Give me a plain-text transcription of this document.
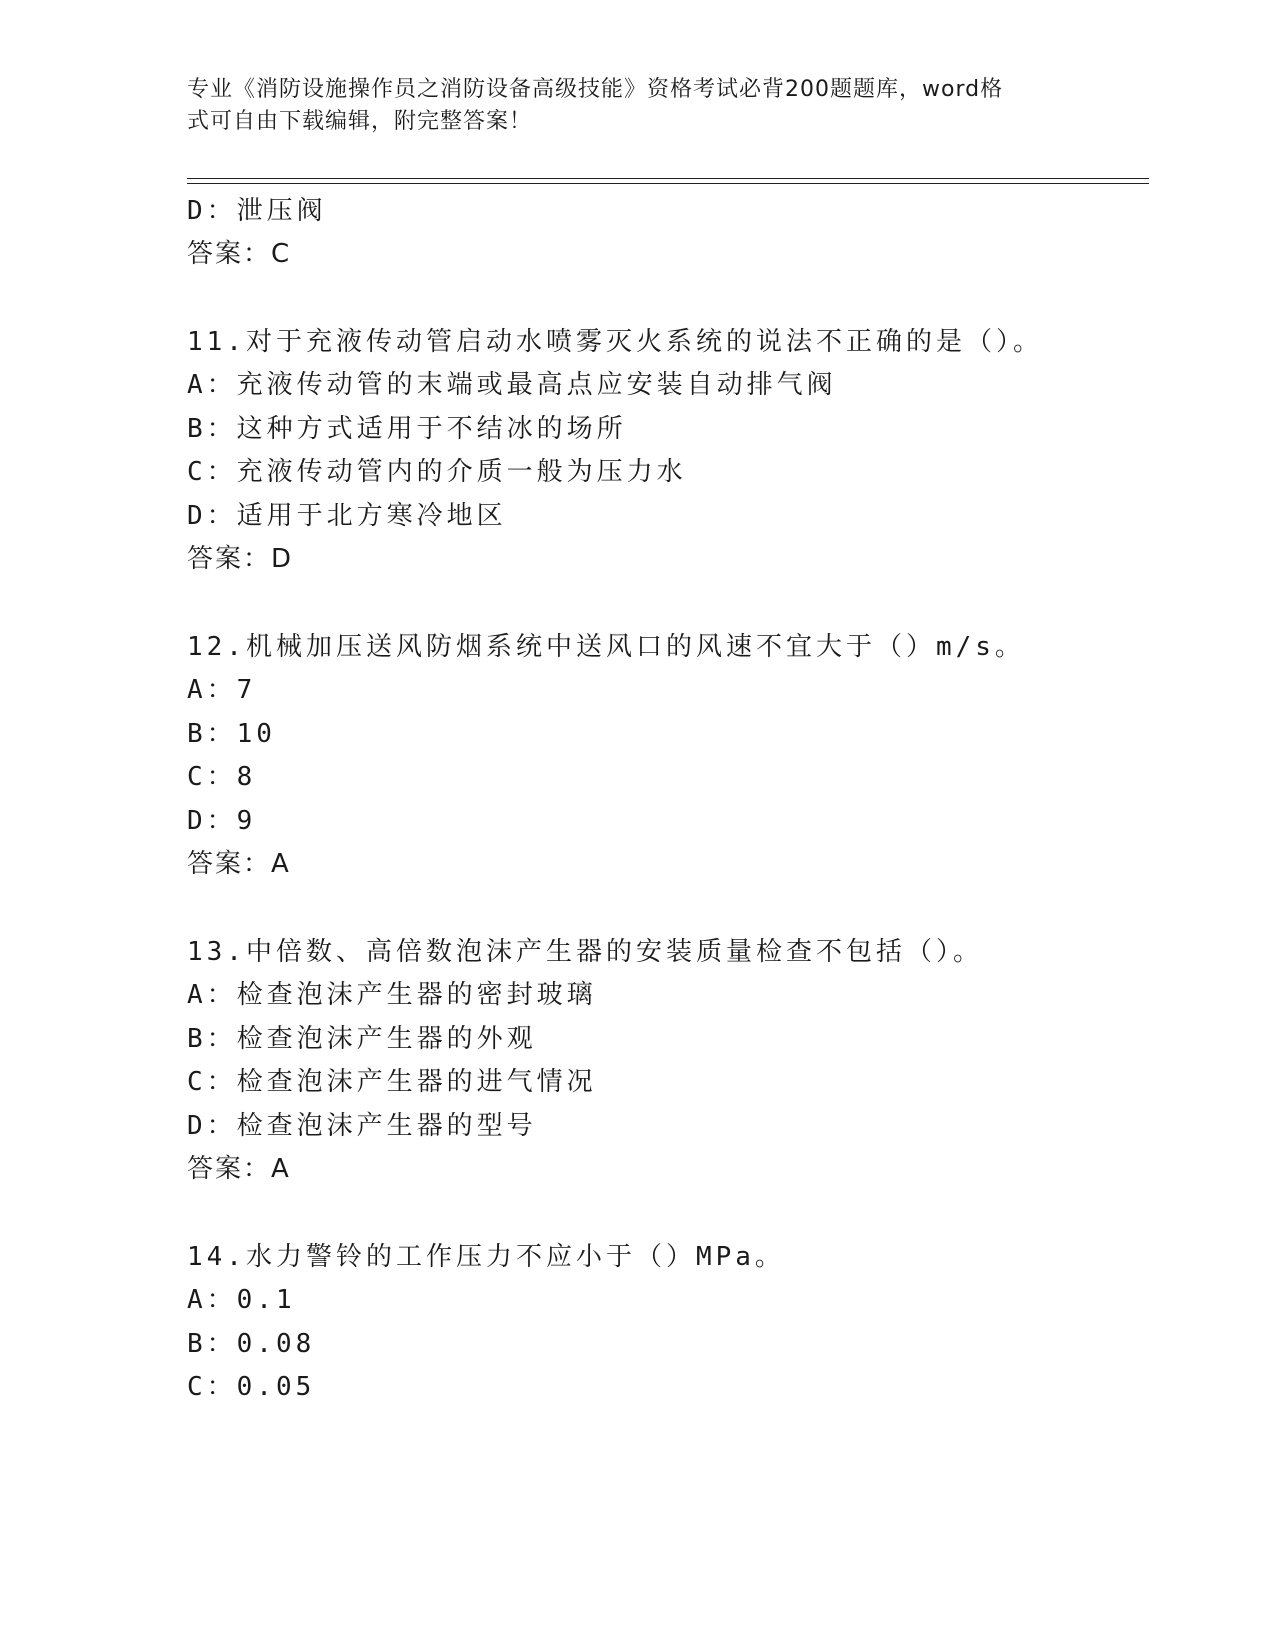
专业《消防设施操作员之消防设备高级技能》资格考试必背200题题库，word格
式可自由下载编辑，附完整答案！
D：泄压阀
答案：C
11.对于充液传动管启动水喷雾灭火系统的说法不正确的是（）。
A：充液传动管的末端或最高点应安装自动排气阀
B：这种方式适用于不结冰的场所
C：充液传动管内的介质一般为压力水
D：适用于北方寒冷地区
答案：D
12.机械加压送风防烟系统中送风口的风速不宜大于（）m/s。
A：7
B：10
C：8
D：9
答案：A
13.中倍数、高倍数泡沫产生器的安装质量检查不包括（）。
A：检查泡沫产生器的密封玻璃
B：检查泡沫产生器的外观
C：检查泡沫产生器的进气情况
D：检查泡沫产生器的型号
答案：A
14.水力警铃的工作压力不应小于（）MPa。
A：0.1
B：0.08
C：0.05
